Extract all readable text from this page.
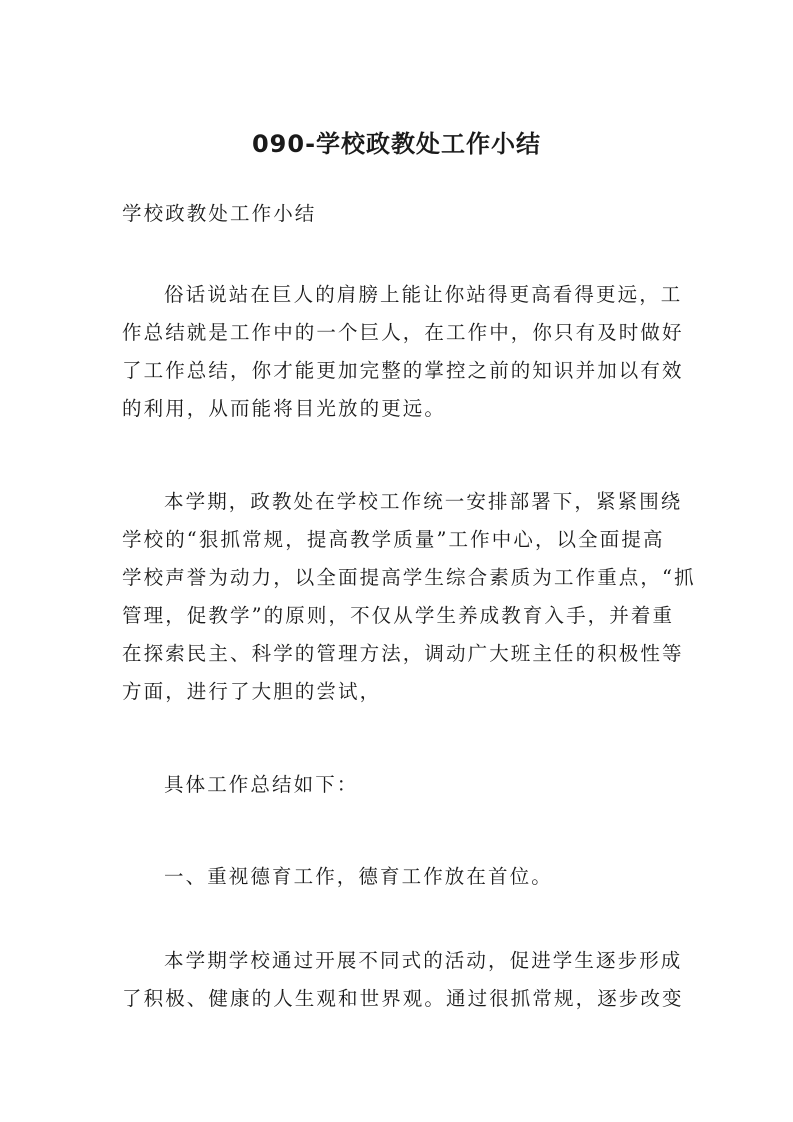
090-学校政教处工作小结
学校政教处工作小结
俗话说站在巨人的肩膀上能让你站得更高看得更远，工
作总结就是工作中的一个巨人，在工作中，你只有及时做好
了工作总结，你才能更加完整的掌控之前的知识并加以有效
的利用，从而能将目光放的更远。
本学期，政教处在学校工作统一安排部署下，紧紧围绕
学校的“狠抓常规，提高教学质量”工作中心，以全面提高
学校声誉为动力，以全面提高学生综合素质为工作重点，“抓
管理，促教学”的原则，不仅从学生养成教育入手，并着重
在探索民主、科学的管理方法，调动广大班主任的积极性等
方面，进行了大胆的尝试，
具体工作总结如下：
一、重视德育工作，德育工作放在首位。
本学期学校通过开展不同式的活动，促进学生逐步形成
了积极、健康的人生观和世界观。通过很抓常规，逐步改变
